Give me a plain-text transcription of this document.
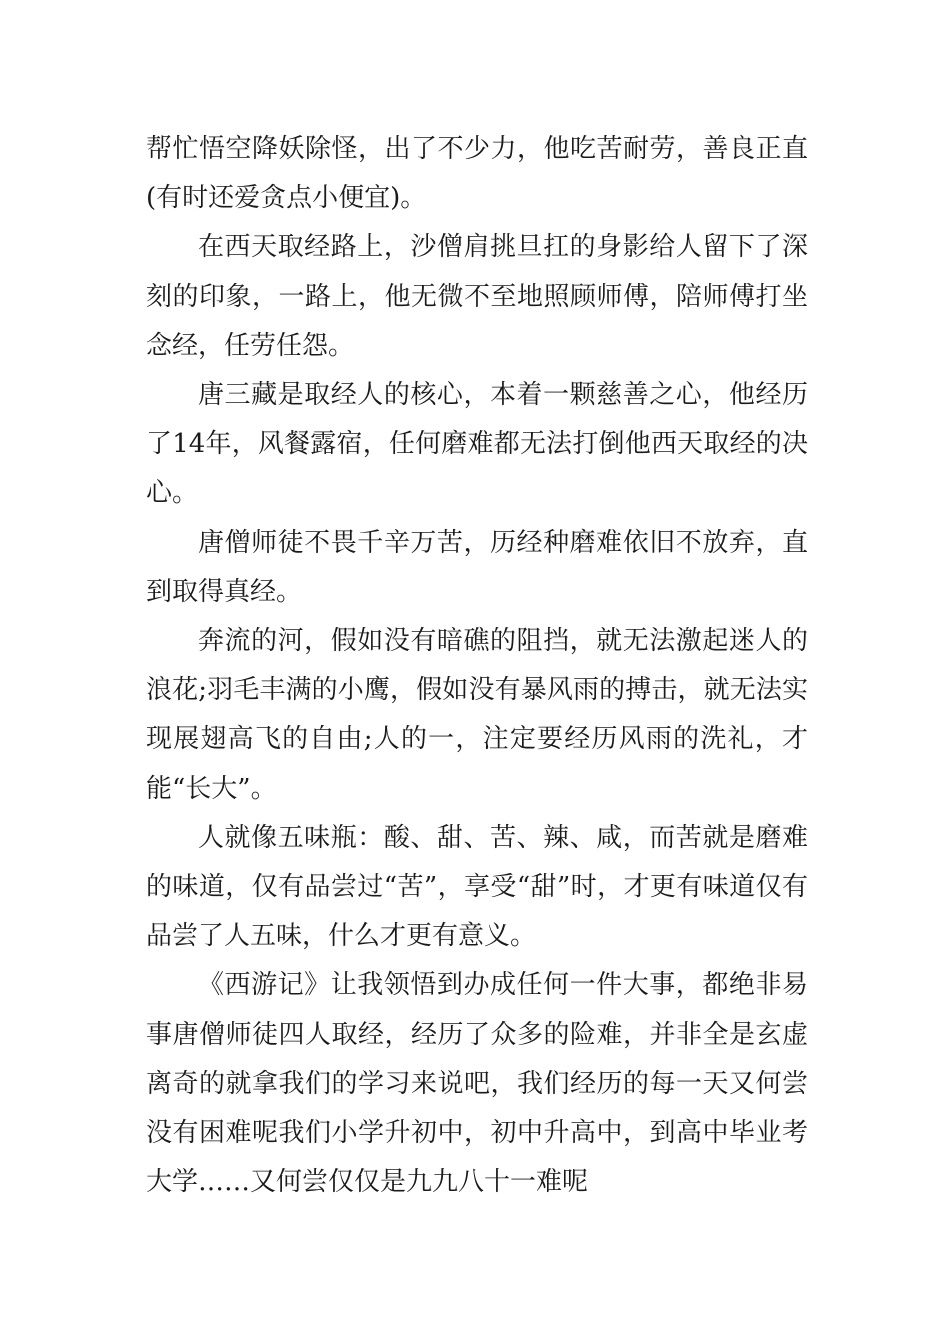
帮忙悟空降妖除怪，出了不少力，他吃苦耐劳，善良正直(有时还爱贪点小便宜)。

在西天取经路上，沙僧肩挑旦扛的身影给人留下了深刻的印象，一路上，他无微不至地照顾师傅，陪师傅打坐念经，任劳任怨。

唐三藏是取经人的核心，本着一颗慈善之心，他经历了14年，风餐露宿，任何磨难都无法打倒他西天取经的决心。

唐僧师徒不畏千辛万苦，历经种磨难依旧不放弃，直到取得真经。

奔流的河，假如没有暗礁的阻挡，就无法激起迷人的浪花;羽毛丰满的小鹰，假如没有暴风雨的搏击，就无法实现展翅高飞的自由;人的一，注定要经历风雨的洗礼，才能“长大”。

人就像五味瓶：酸、甜、苦、辣、咸，而苦就是磨难的味道，仅有品尝过“苦”，享受“甜”时，才更有味道仅有品尝了人五味，什么才更有意义。

《西游记》让我领悟到办成任何一件大事，都绝非易事唐僧师徒四人取经，经历了众多的险难，并非全是玄虚离奇的就拿我们的学习来说吧，我们经历的每一天又何尝没有困难呢我们小学升初中，初中升高中，到高中毕业考大学……又何尝仅仅是九九八十一难呢
